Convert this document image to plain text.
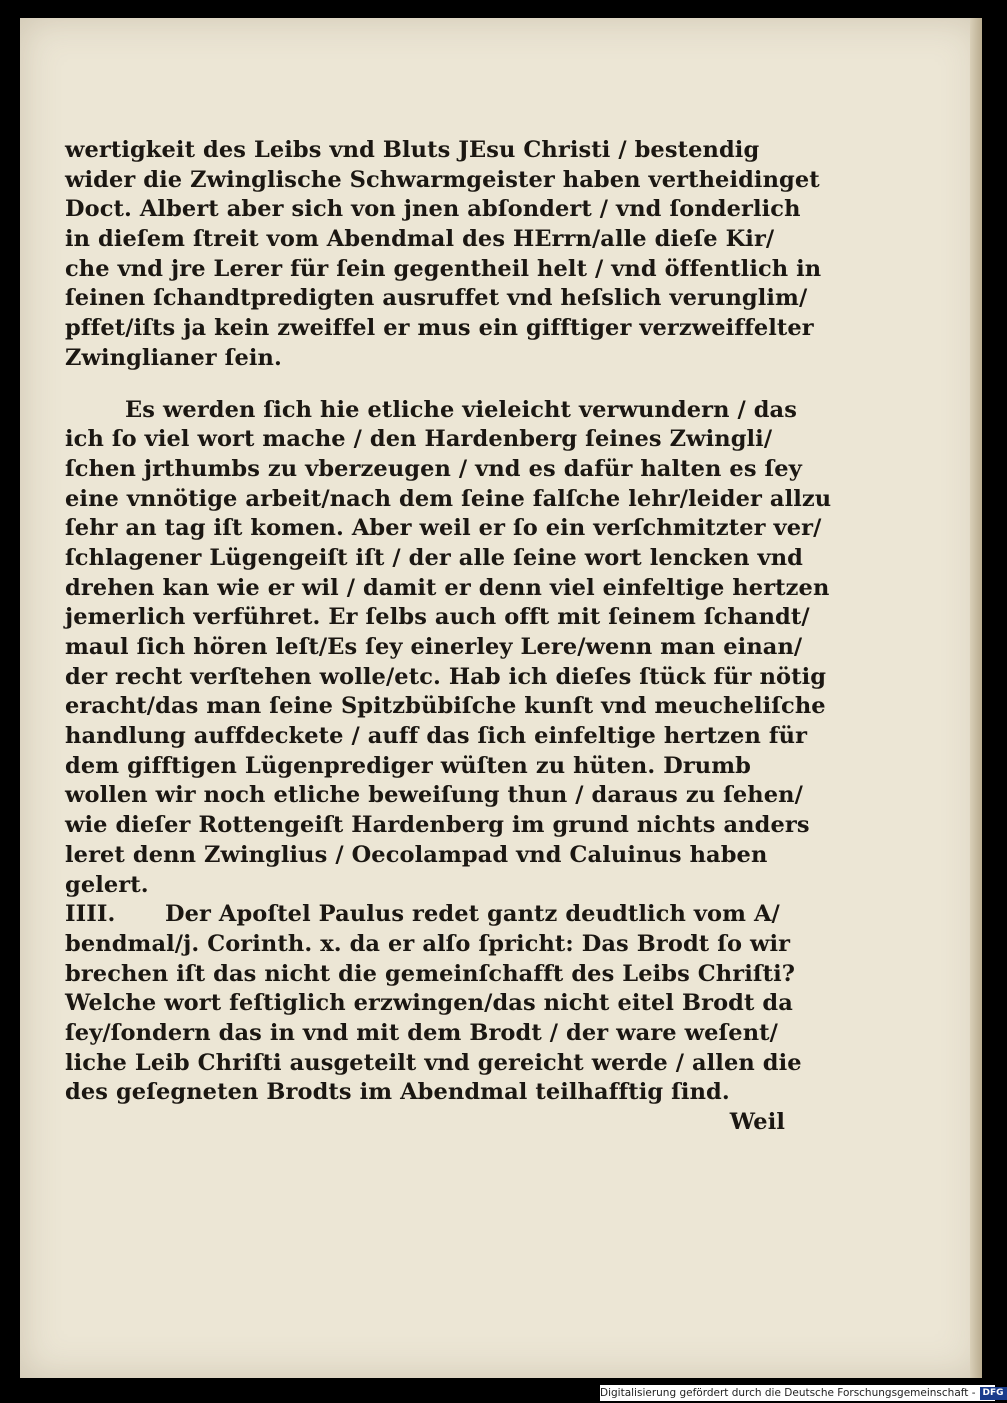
wertigkeit des Leibs vnd Bluts JEsu Christi / bestendig
wider die Zwinglische Schwarmgeister haben vertheidinget
Doct. Albert aber sich von jnen abſondert / vnd ſonderlich
in dieſem ſtreit vom Abendmal des HErrn/alle dieſe Kir/
che vnd jre Lerer für ſein gegentheil helt / vnd öffentlich in
ſeinen ſchandtpredigten ausruffet vnd heſslich verunglim/
pffet/iſts ja kein zweiffel er mus ein gifftiger verzweiffelter
Zwinglianer ſein.
Es werden ſich hie etliche vieleicht verwundern / das
ich ſo viel wort mache / den Hardenberg ſeines Zwingli/
ſchen jrthumbs zu vberzeugen / vnd es dafür halten es ſey
eine vnnötige arbeit/nach dem ſeine falſche lehr/leider allzu
ſehr an tag iſt komen. Aber weil er ſo ein verſchmitzter ver/
ſchlagener Lügengeiſt iſt / der alle ſeine wort lencken vnd
drehen kan wie er wil / damit er denn viel einfeltige hertzen
jemerlich verführet. Er ſelbs auch offt mit ſeinem ſchandt/
maul ſich hören leſt/Es ſey einerley Lere/wenn man einan/
der recht verſtehen wolle/etc. Hab ich dieſes ſtück für nötig
eracht/das man ſeine Spitzbübiſche kunſt vnd meucheliſche
handlung auffdeckete / auff das ſich einfeltige hertzen für
dem gifftigen Lügenprediger wüſten zu hüten. Drumb
wollen wir noch etliche beweiſung thun / daraus zu ſehen/
wie dieſer Rottengeiſt Hardenberg im grund nichts anders
leret denn Zwinglius / Oecolampad vnd Caluinus haben
gelert.
IIII. Der Apoſtel Paulus redet gantz deudtlich vom A/
bendmal/j. Corinth. x. da er alſo ſpricht: Das Brodt ſo wir
brechen iſt das nicht die gemeinſchafft des Leibs Chriſti?
Welche wort feſtiglich erzwingen/das nicht eitel Brodt da
ſey/ſondern das in vnd mit dem Brodt / der ware weſent/
liche Leib Chriſti ausgeteilt vnd gereicht werde / allen die
des geſegneten Brodts im Abendmal teilhafftig ſind.
Weil
Digitalisierung gefördert durch die Deutsche Forschungsgemeinschaft - DFG
